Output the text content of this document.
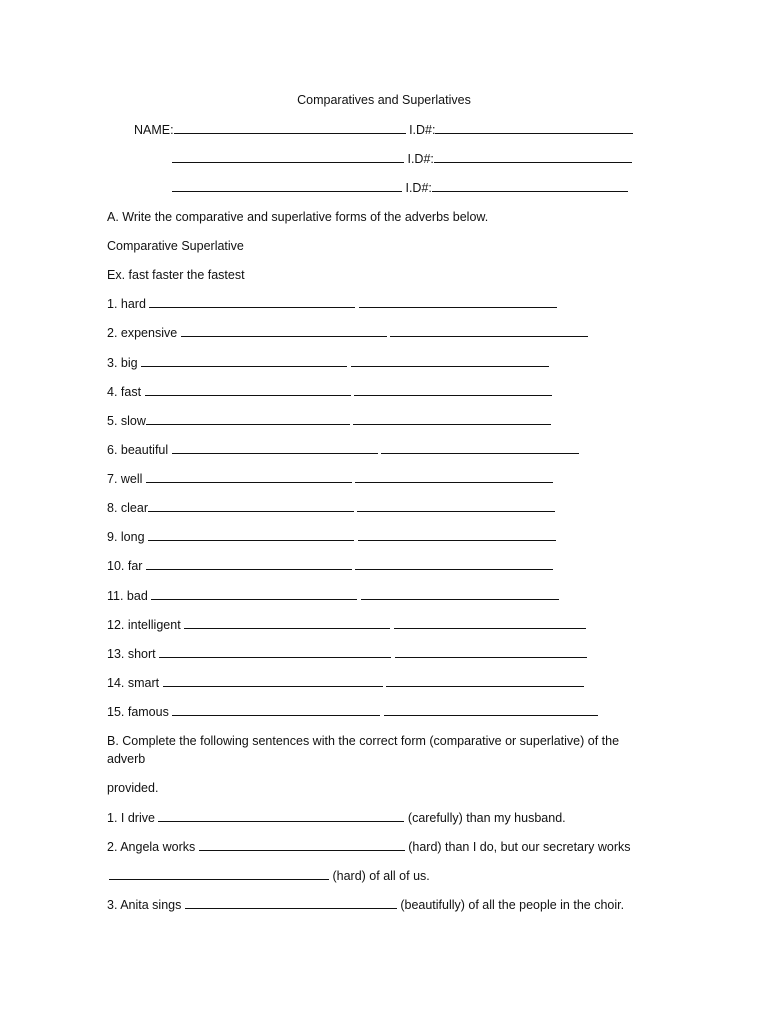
Comparatives and Superlatives
NAME:	I.D#:
I.D#:
I.D#:
A. Write the comparative and superlative forms of the adverbs below.
Comparative Superlative
Ex. fast faster the fastest
1. hard
2. expensive
3. big
4. fast
5. slow
6. beautiful
7. well
8. clear
9. long
10. far
11. bad
12. intelligent
13. short
14. smart
15. famous
B. Complete the following sentences with the correct form (comparative or superlative) of the
adverb
provided.
1. I drive	(carefully) than my husband.
2. Angela works	(hard) than I do, but our secretary works
(hard) of all of us.
3. Anita sings	(beautifully) of all the people in the choir.
